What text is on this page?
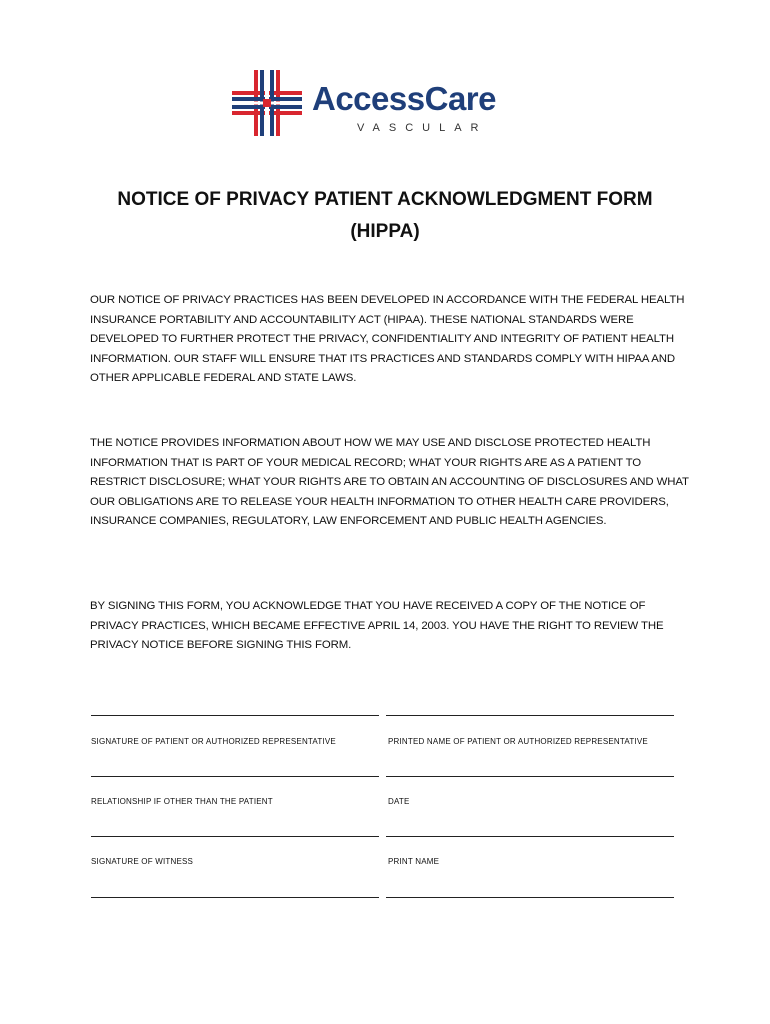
AccessCare
VASCULAR
NOTICE OF PRIVACY PATIENT ACKNOWLEDGMENT FORM
(HIPPA)
OUR NOTICE OF PRIVACY PRACTICES HAS BEEN DEVELOPED IN ACCORDANCE WITH THE FEDERAL HEALTH INSURANCE PORTABILITY AND ACCOUNTABILITY ACT (HIPAA). THESE NATIONAL STANDARDS WERE DEVELOPED TO FURTHER PROTECT THE PRIVACY, CONFIDENTIALITY AND INTEGRITY OF PATIENT HEALTH INFORMATION. OUR STAFF WILL ENSURE THAT ITS PRACTICES AND STANDARDS COMPLY WITH HIPAA AND OTHER APPLICABLE FEDERAL AND STATE LAWS.
THE NOTICE PROVIDES INFORMATION ABOUT HOW WE MAY USE AND DISCLOSE PROTECTED HEALTH INFORMATION THAT IS PART OF YOUR MEDICAL RECORD; WHAT YOUR RIGHTS ARE AS A PATIENT TO RESTRICT DISCLOSURE; WHAT YOUR RIGHTS ARE TO OBTAIN AN ACCOUNTING OF DISCLOSURES AND WHAT OUR OBLIGATIONS ARE TO RELEASE YOUR HEALTH INFORMATION TO OTHER HEALTH CARE PROVIDERS, INSURANCE COMPANIES, REGULATORY, LAW ENFORCEMENT AND PUBLIC HEALTH AGENCIES.
BY SIGNING THIS FORM, YOU ACKNOWLEDGE THAT YOU HAVE RECEIVED A COPY OF THE NOTICE OF PRIVACY PRACTICES, WHICH BECAME EFFECTIVE APRIL 14, 2003. YOU HAVE THE RIGHT TO REVIEW THE PRIVACY NOTICE BEFORE SIGNING THIS FORM.
SIGNATURE OF PATIENT OR AUTHORIZED REPRESENTATIVE	PRINTED NAME OF PATIENT OR AUTHORIZED REPRESENTATIVE
RELATIONSHIP IF OTHER THAN THE PATIENT	DATE
SIGNATURE OF WITNESS	PRINT NAME
